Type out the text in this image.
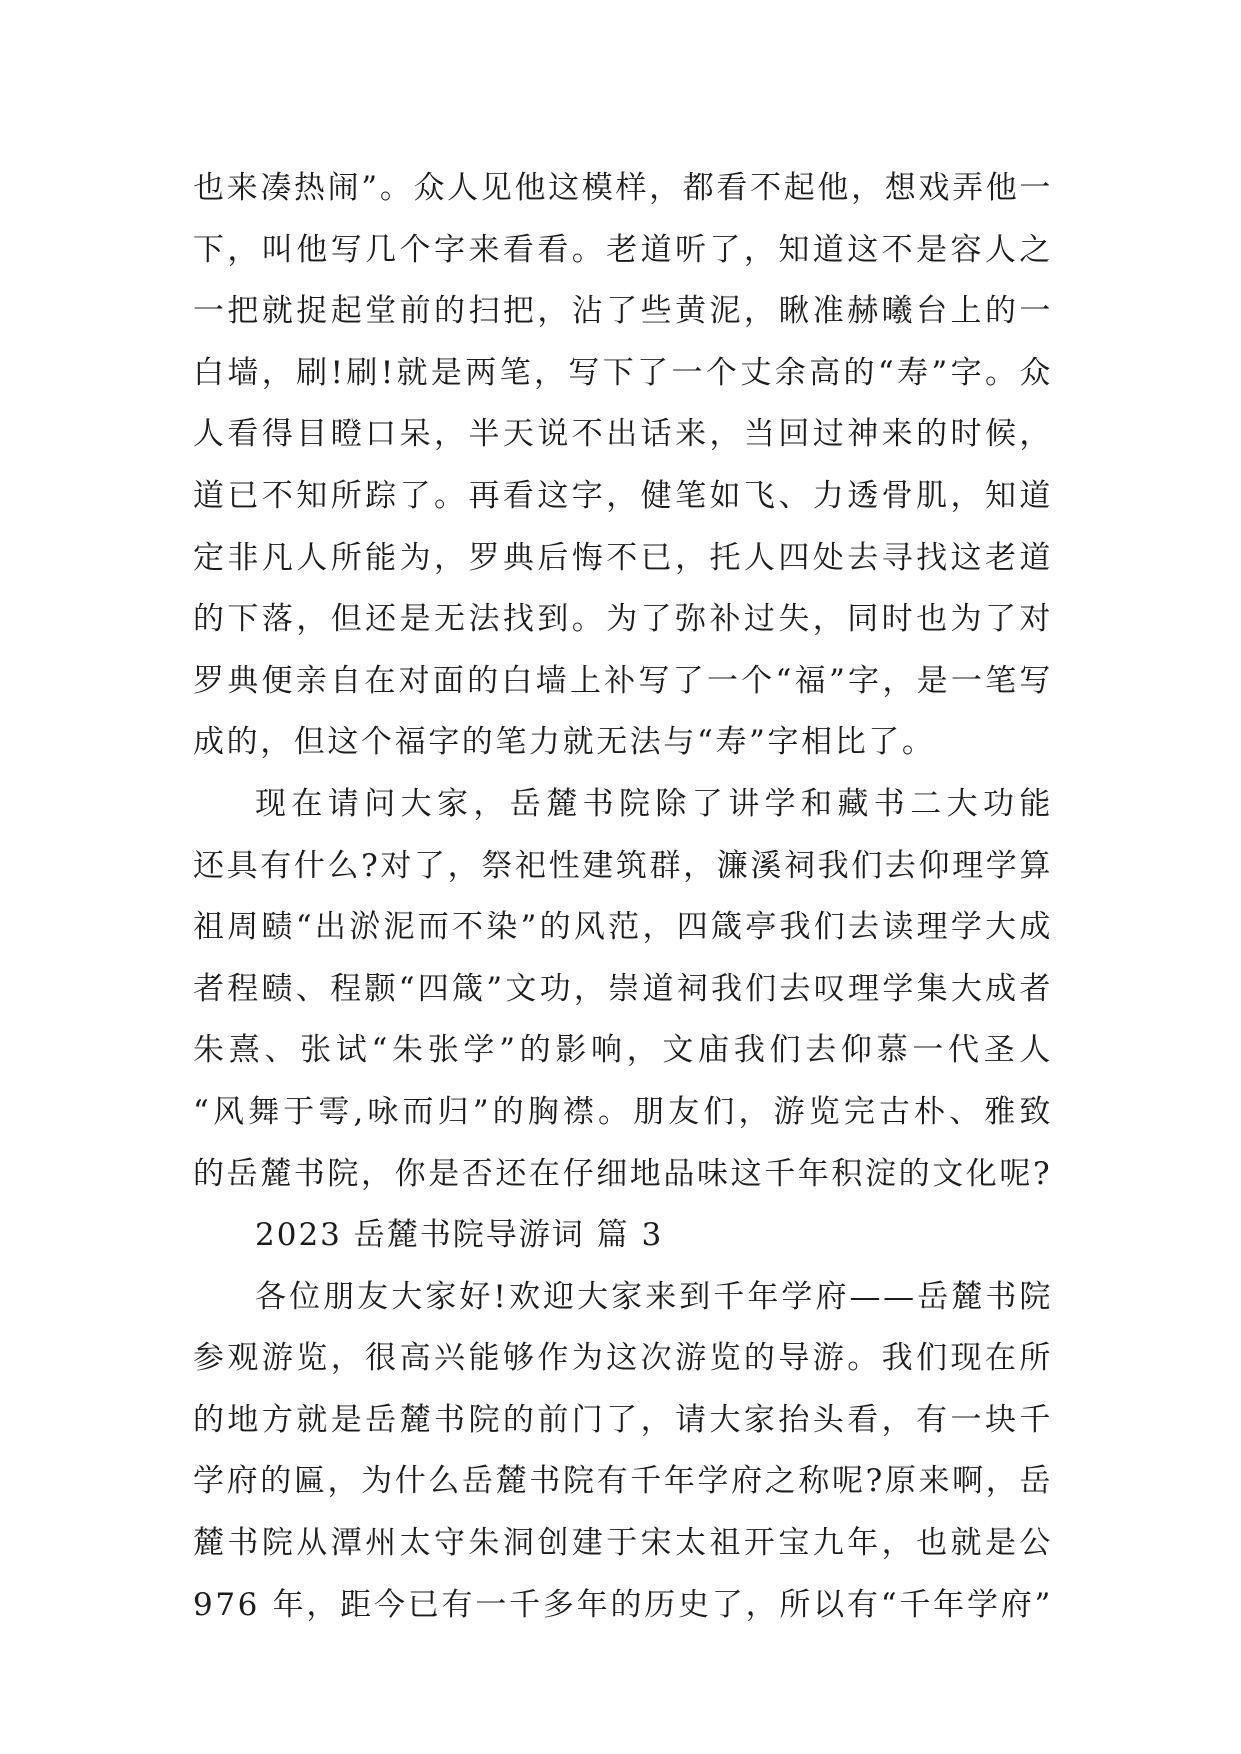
也来凑热闹”。众人见他这模样，都看不起他，想戏弄他一
下，叫他写几个字来看看。老道听了，知道这不是容人之
一把就捉起堂前的扫把，沾了些黄泥，瞅准赫曦台上的一
白墙，刷!刷!就是两笔，写下了一个丈余高的“寿”字。众
人看得目瞪口呆，半天说不出话来，当回过神来的时候，
道已不知所踪了。再看这字，健笔如飞、力透骨肌，知道
定非凡人所能为，罗典后悔不已，托人四处去寻找这老道
的下落，但还是无法找到。为了弥补过失，同时也为了对
罗典便亲自在对面的白墙上补写了一个“福”字，是一笔写
成的，但这个福字的笔力就无法与“寿”字相比了。
现在请问大家，岳麓书院除了讲学和藏书二大功能
还具有什么?对了，祭祀性建筑群，濂溪祠我们去仰理学算
祖周赜“出淤泥而不染”的风范，四箴亭我们去读理学大成
者程赜、程颢“四箴”文功，崇道祠我们去叹理学集大成者
朱熹、张试“朱张学”的影响，文庙我们去仰慕一代圣人
“风舞于雩,咏而归”的胸襟。朋友们，游览完古朴、雅致
的岳麓书院，你是否还在仔细地品味这千年积淀的文化呢?
2023 岳麓书院导游词 篇 3
各位朋友大家好!欢迎大家来到千年学府——岳麓书院
参观游览，很高兴能够作为这次游览的导游。我们现在所
的地方就是岳麓书院的前门了，请大家抬头看，有一块千
学府的匾，为什么岳麓书院有千年学府之称呢?原来啊，岳
麓书院从潭州太守朱洞创建于宋太祖开宝九年，也就是公
976 年，距今已有一千多年的历史了，所以有“千年学府”
